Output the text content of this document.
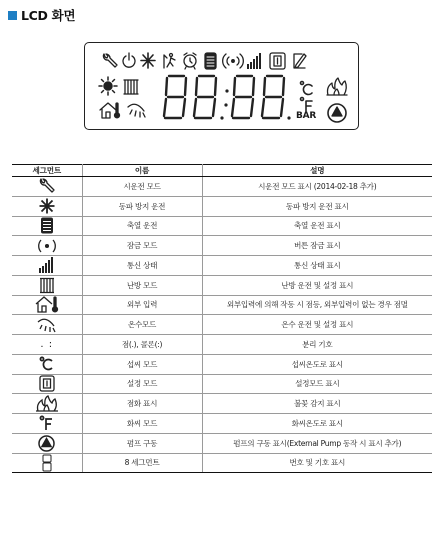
LCD 화면
BAR
세그먼트	이름	설명

	시운전 모드	시운전 모드 표시 (2014-02-18 추가)

	동파 방지 운전	동파 방지 운전 표시

	축열 운전	축열 운전 표시

	잠금 모드	버튼 잠금 표시

	통신 상태	통신 상태 표시

	난방 모드	난방 운전 및 설정 표시

	외부 입력	외부입력에 의해 작동 시 점등, 외부입력이 없는 경우 점멸

	온수모드	온수 운전 및 설정 표시
. :	점(.), 콜론(:)	분리 기호

	섭씨 모드	섭씨온도로 표시

	설정 모드	설정모드 표시

	점화 표시	불꽃 감지 표시

	화씨 모드	화씨온도로 표시

	펌프 구동	펌프의 구동 표시(External Pump 동작 시 표시 추가)

	8 세그먼트	번호 및 기호 표시
